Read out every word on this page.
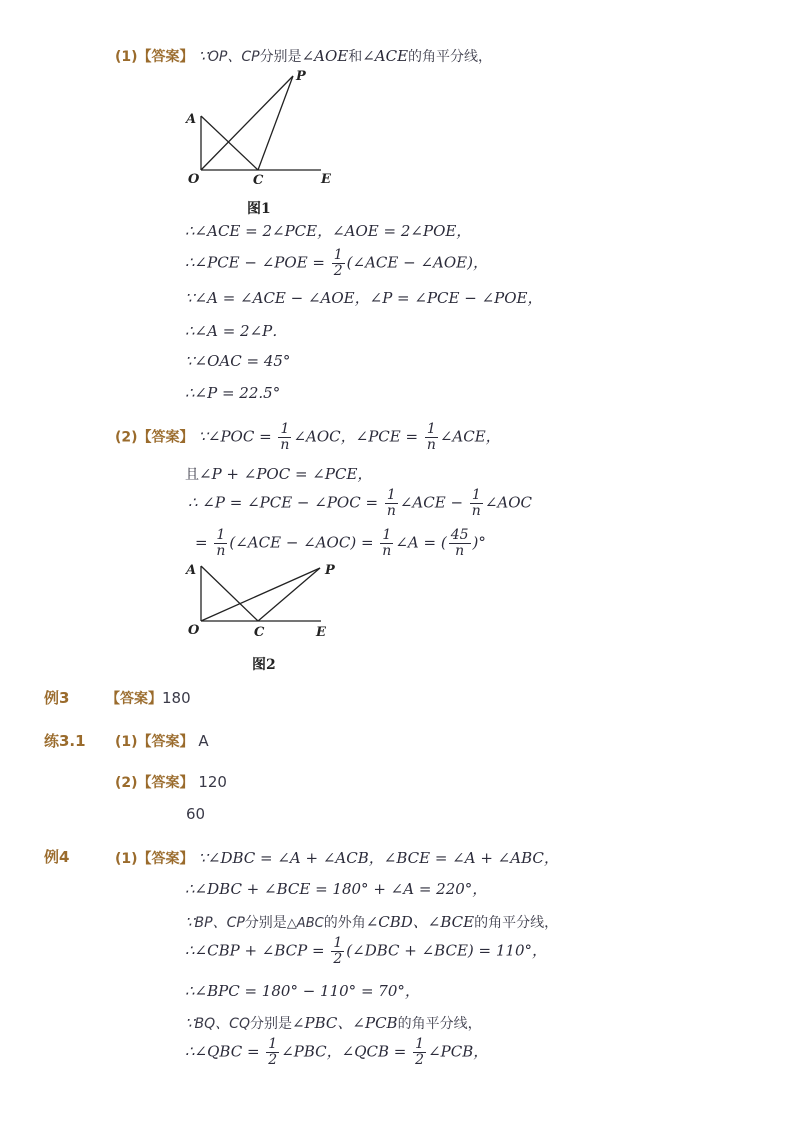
(1)【答案】 ∵OP、CP分别是∠AOE和∠ACE的角平分线，
A
O	C	E
P
图1
∴∠ACE = 2∠PCE，∠AOE = 2∠POE，
∴∠PCE − ∠POE = $\frac{1}{2}$ (∠ACE − ∠AOE)，
∵∠A = ∠ACE − ∠AOE，∠P = ∠PCE − ∠POE，
∴∠A = 2∠P．
∵∠OAC = 45°
∴∠P = 22.5°
(2)【答案】 ∵∠POC = $\frac{1}{n}$ ∠AOC，∠PCE = $\frac{1}{n}$ ∠ACE，
且∠P + ∠POC = ∠PCE，
∴ ∠P = ∠PCE − ∠POC = $\frac{1}{n}$ ∠ACE − $\frac{1}{n}$ ∠AOC
= $\frac{1}{n}$ (∠ACE − ∠AOC) = $\frac{1}{n}$ ∠A = ( $\frac{45}{n}$ )°
A
O	C	E
P
图2
例3	【答案】180
练3.1 (1)【答案】 A
(2)【答案】 120
60
例4	(1)【答案】 ∵∠DBC = ∠A + ∠ACB，∠BCE = ∠A + ∠ABC，
∴∠DBC + ∠BCE = 180° + ∠A = 220°，
∵BP、CP分别是△ABC的外角∠CBD、∠BCE的角平分线，
∴∠CBP + ∠BCP = $\frac{1}{2}$ (∠DBC + ∠BCE) = 110°，
∴∠BPC = 180° − 110° = 70°，
∵BQ、CQ分别是∠PBC、∠PCB的角平分线，
∴∠QBC = $\frac{1}{2}$ ∠PBC，∠QCB = $\frac{1}{2}$ ∠PCB，
